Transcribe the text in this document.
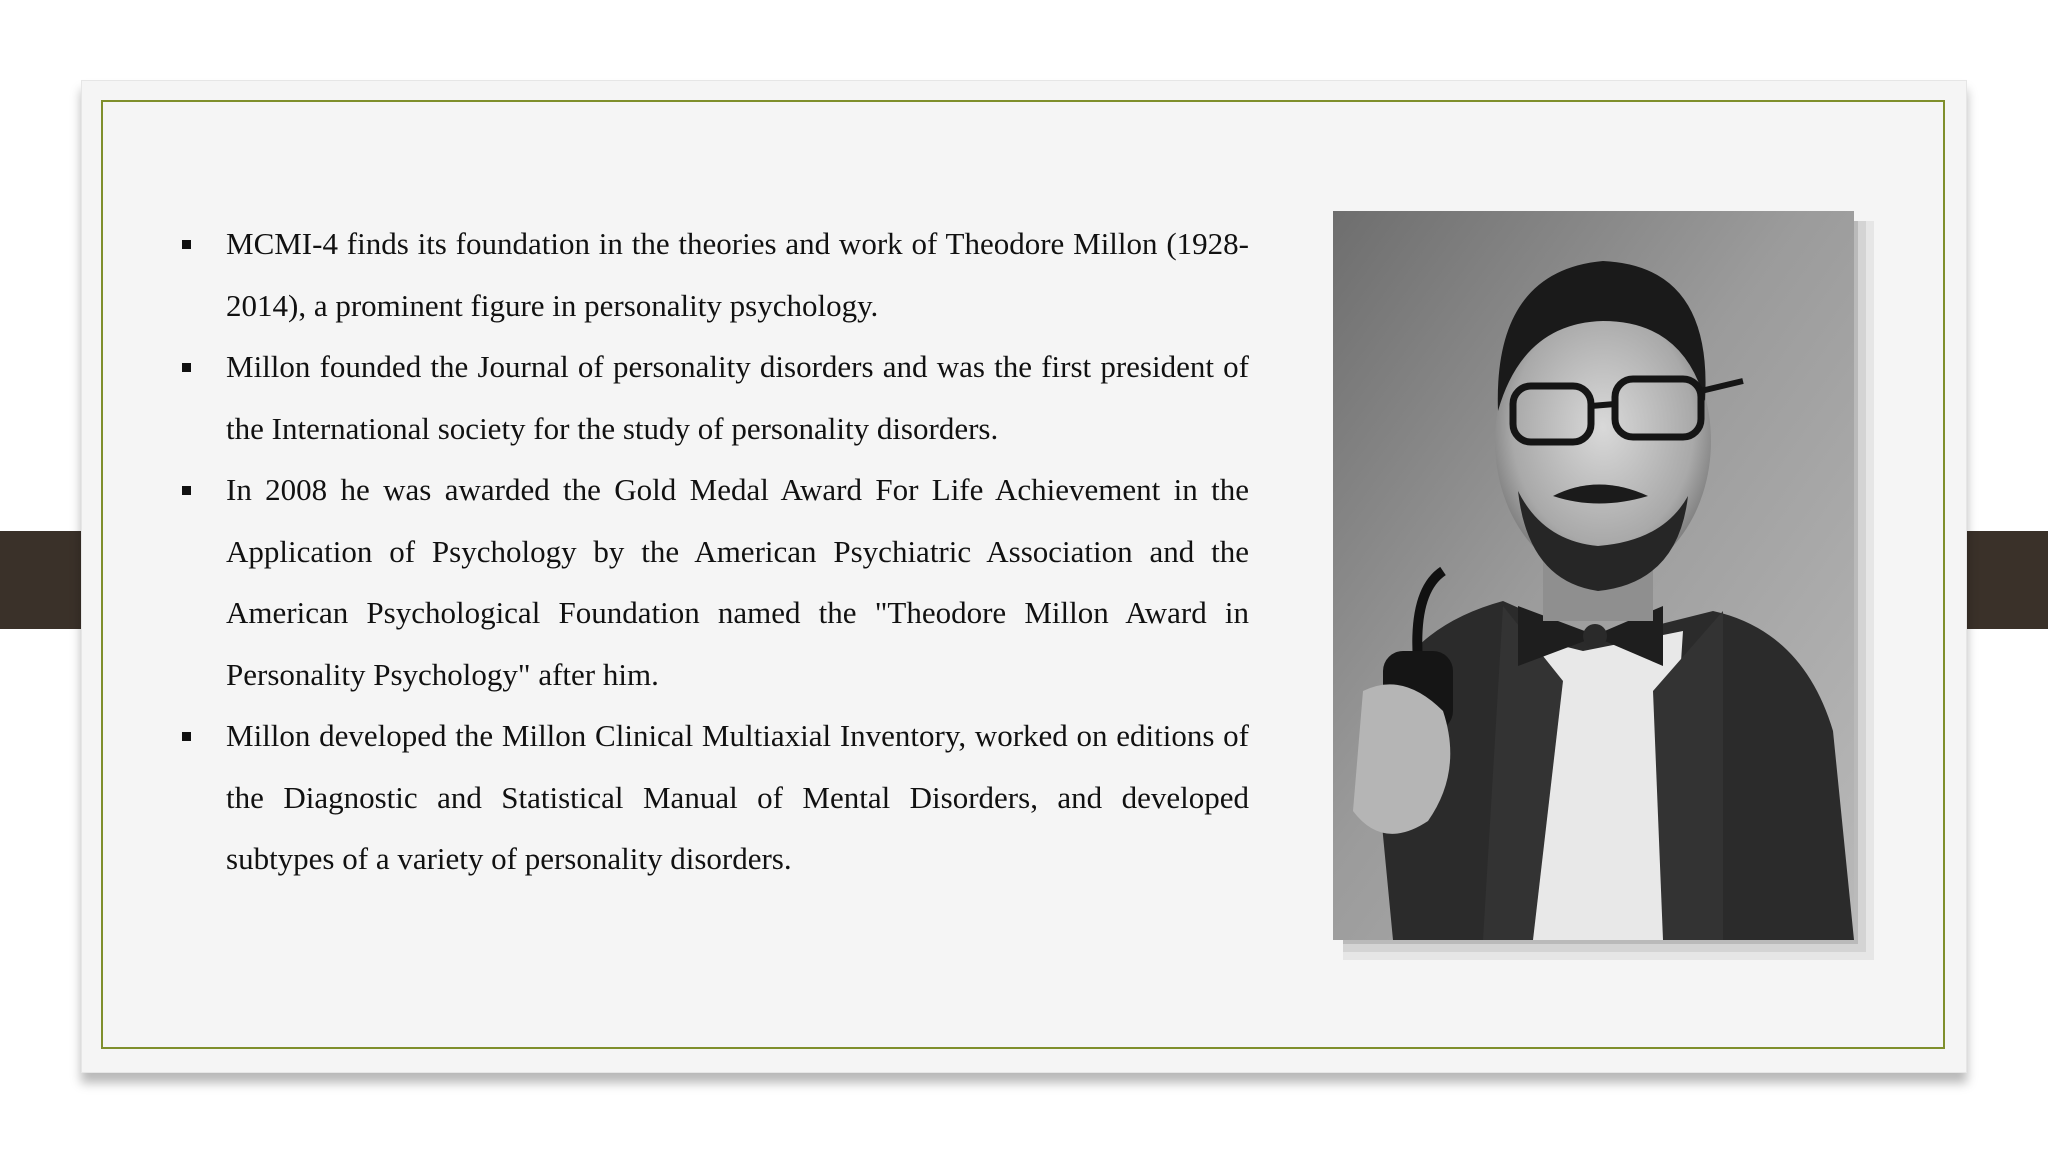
MCMI-4 finds its foundation in the theories and work of Theodore Millon (1928-2014), a prominent figure in personality psychology.
Millon founded the Journal of personality disorders and was the first president of the International society for the study of personality disorders.
In 2008 he was awarded the Gold Medal Award For Life Achievement in the Application of Psychology by the American Psychiatric Association and the American Psychological Foundation named the "Theodore Millon Award in Personality Psychology" after him.
Millon developed the Millon Clinical Multiaxial Inventory, worked on editions of the Diagnostic and Statistical Manual of Mental Disorders, and developed subtypes of a variety of personality disorders.
